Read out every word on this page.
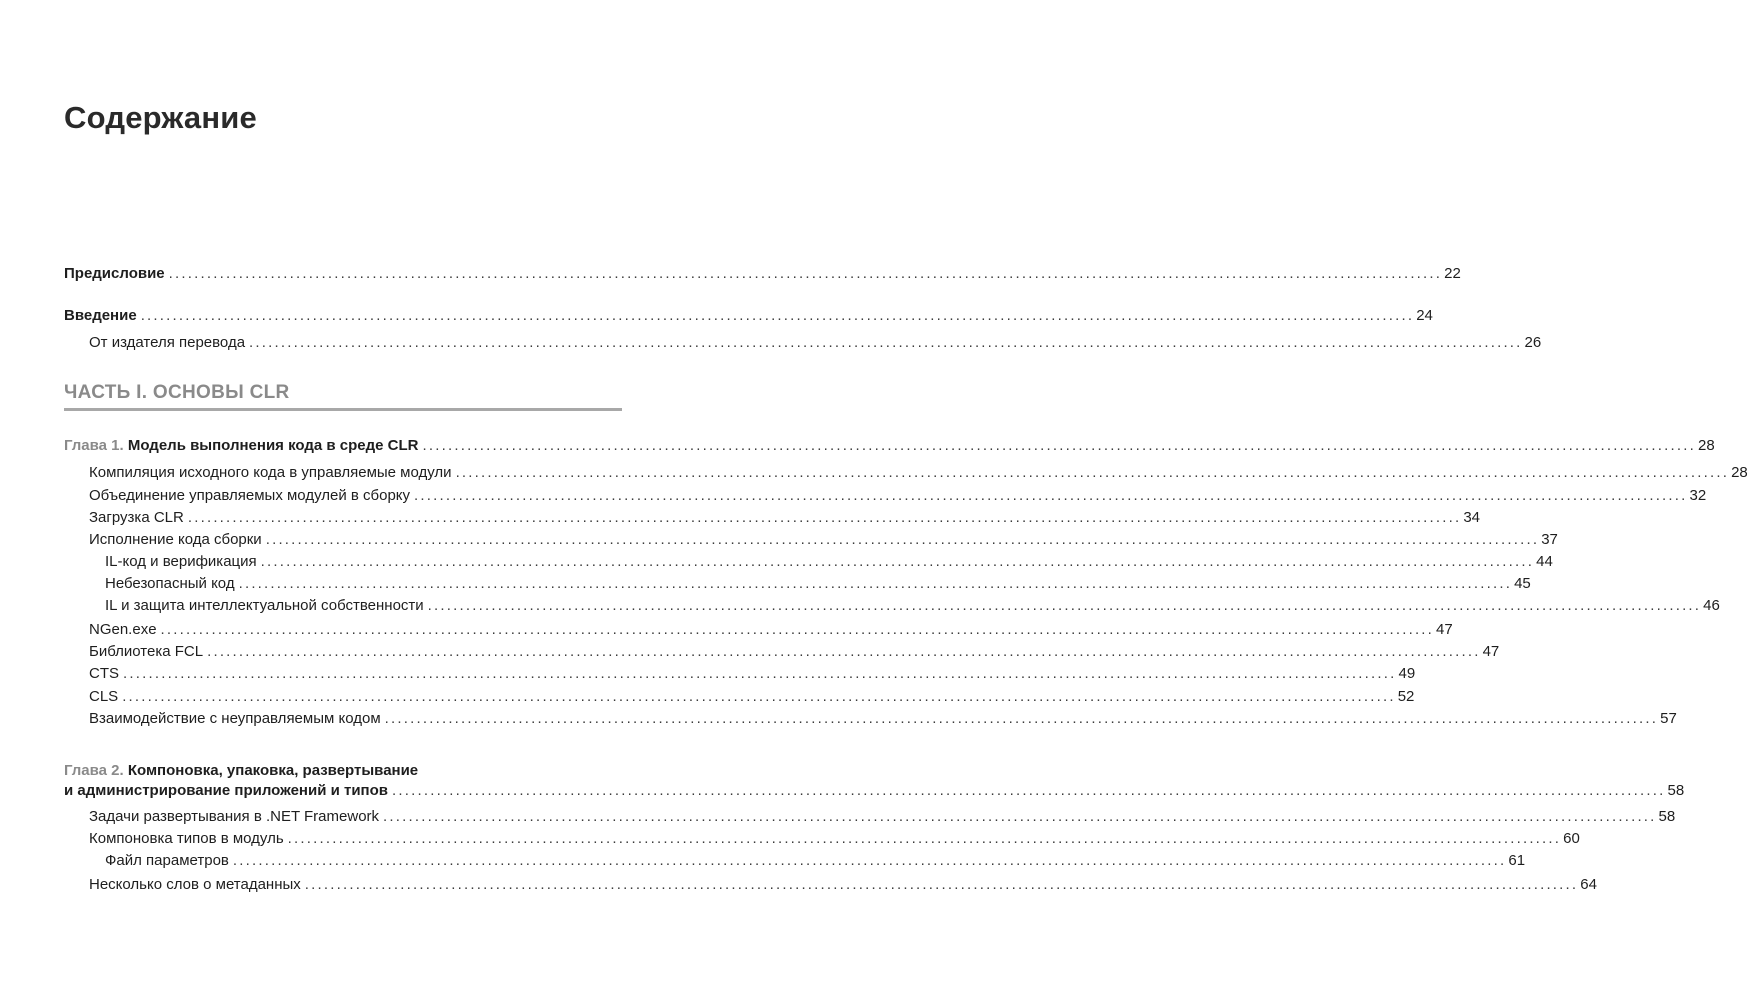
Содержание
Предисловие ........................................................................................................................................................................................................ 22
Введение ........................................................................................................................................................................................................ 24
От издателя перевода ........................................................................................................................................................................................................ 26
ЧАСТЬ I. ОСНОВЫ CLR
Глава 1. Модель выполнения кода в среде CLR ........................................................................................................................................................................................................ 28
Компиляция исходного кода в управляемые модули ........................................................................................................................................................................................................ 28
Объединение управляемых модулей в сборку ........................................................................................................................................................................................................ 32
Загрузка CLR ........................................................................................................................................................................................................ 34
Исполнение кода сборки ........................................................................................................................................................................................................ 37
IL-код и верификация ........................................................................................................................................................................................................ 44
Небезопасный код ........................................................................................................................................................................................................ 45
IL и защита интеллектуальной собственности ........................................................................................................................................................................................................ 46
NGen.exe ........................................................................................................................................................................................................ 47
Библиотека FCL ........................................................................................................................................................................................................ 47
CTS ........................................................................................................................................................................................................ 49
CLS ........................................................................................................................................................................................................ 52
Взаимодействие с неуправляемым кодом ........................................................................................................................................................................................................ 57
Глава 2. Компоновка, упаковка, развертывание
и администрирование приложений и типов ........................................................................................................................................................................................................ 58
Задачи развертывания в .NET Framework ........................................................................................................................................................................................................ 58
Компоновка типов в модуль ........................................................................................................................................................................................................ 60
Файл параметров ........................................................................................................................................................................................................ 61
Несколько слов о метаданных ........................................................................................................................................................................................................ 64
